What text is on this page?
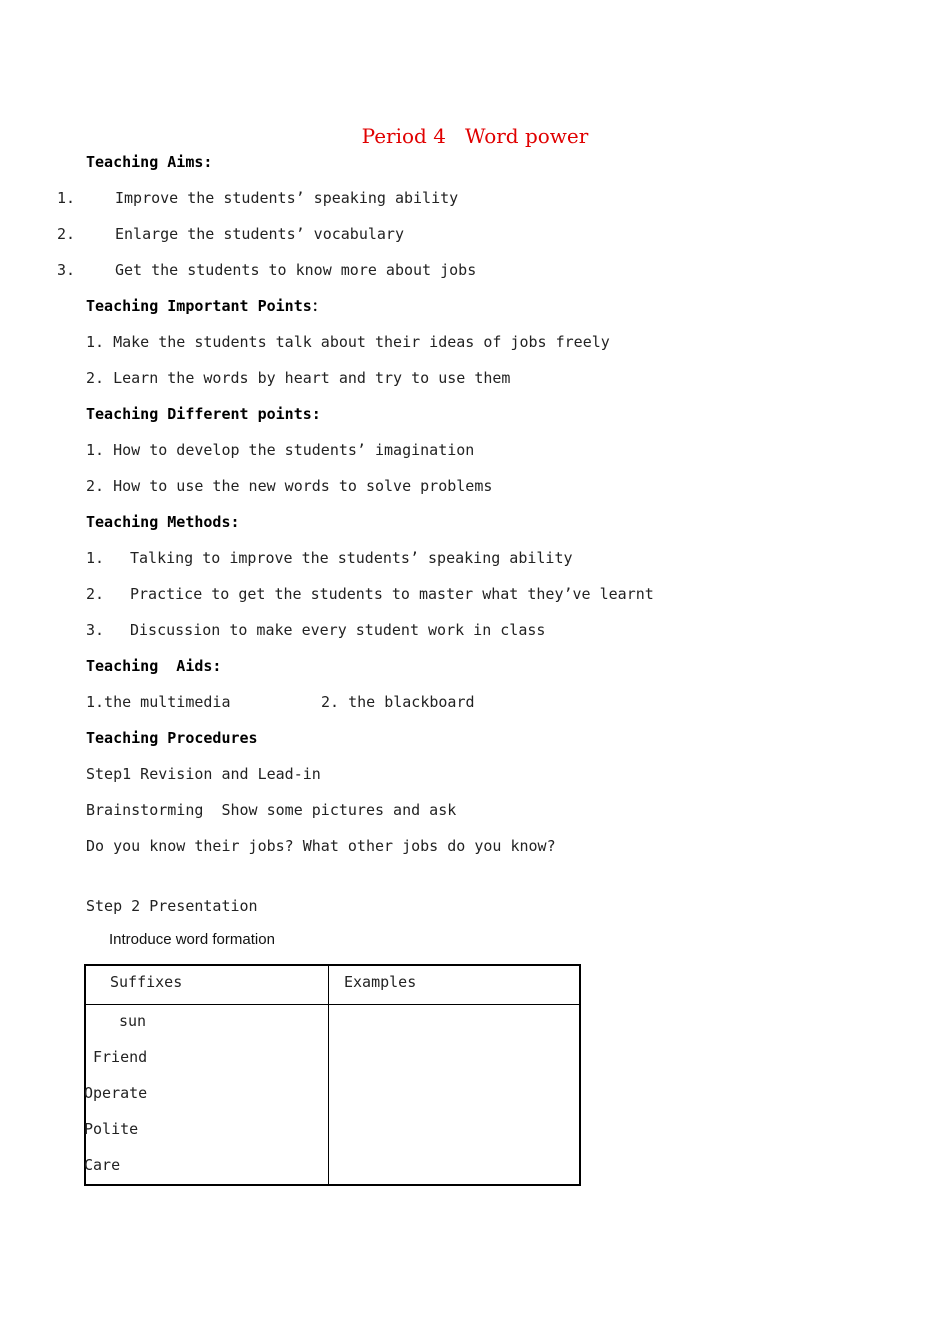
Period 4   Word power
Teaching Aims:
1.	Improve the students’ speaking ability
2.	Enlarge the students’ vocabulary
3.	Get the students to know more about jobs
Teaching Important Points：
1. Make the students talk about their ideas of jobs freely
2. Learn the words by heart and try to use them
Teaching Different points:
1. How to develop the students’ imagination
2. How to use the new words to solve problems
Teaching Methods:
1. Talking to improve the students’ speaking ability
2. Practice to get the students to master what they’ve learnt
3. Discussion to make every student work in class
Teaching  Aids:
1.the multimedia	2. the blackboard
Teaching Procedures
Step1 Revision and Lead-in
Brainstorming  Show some pictures and ask
Do you know their jobs? What other jobs do you know?
Step 2 Presentation
Introduce word formation
Suffixes	Examples
sun
Friend
Operate
Polite
Care
